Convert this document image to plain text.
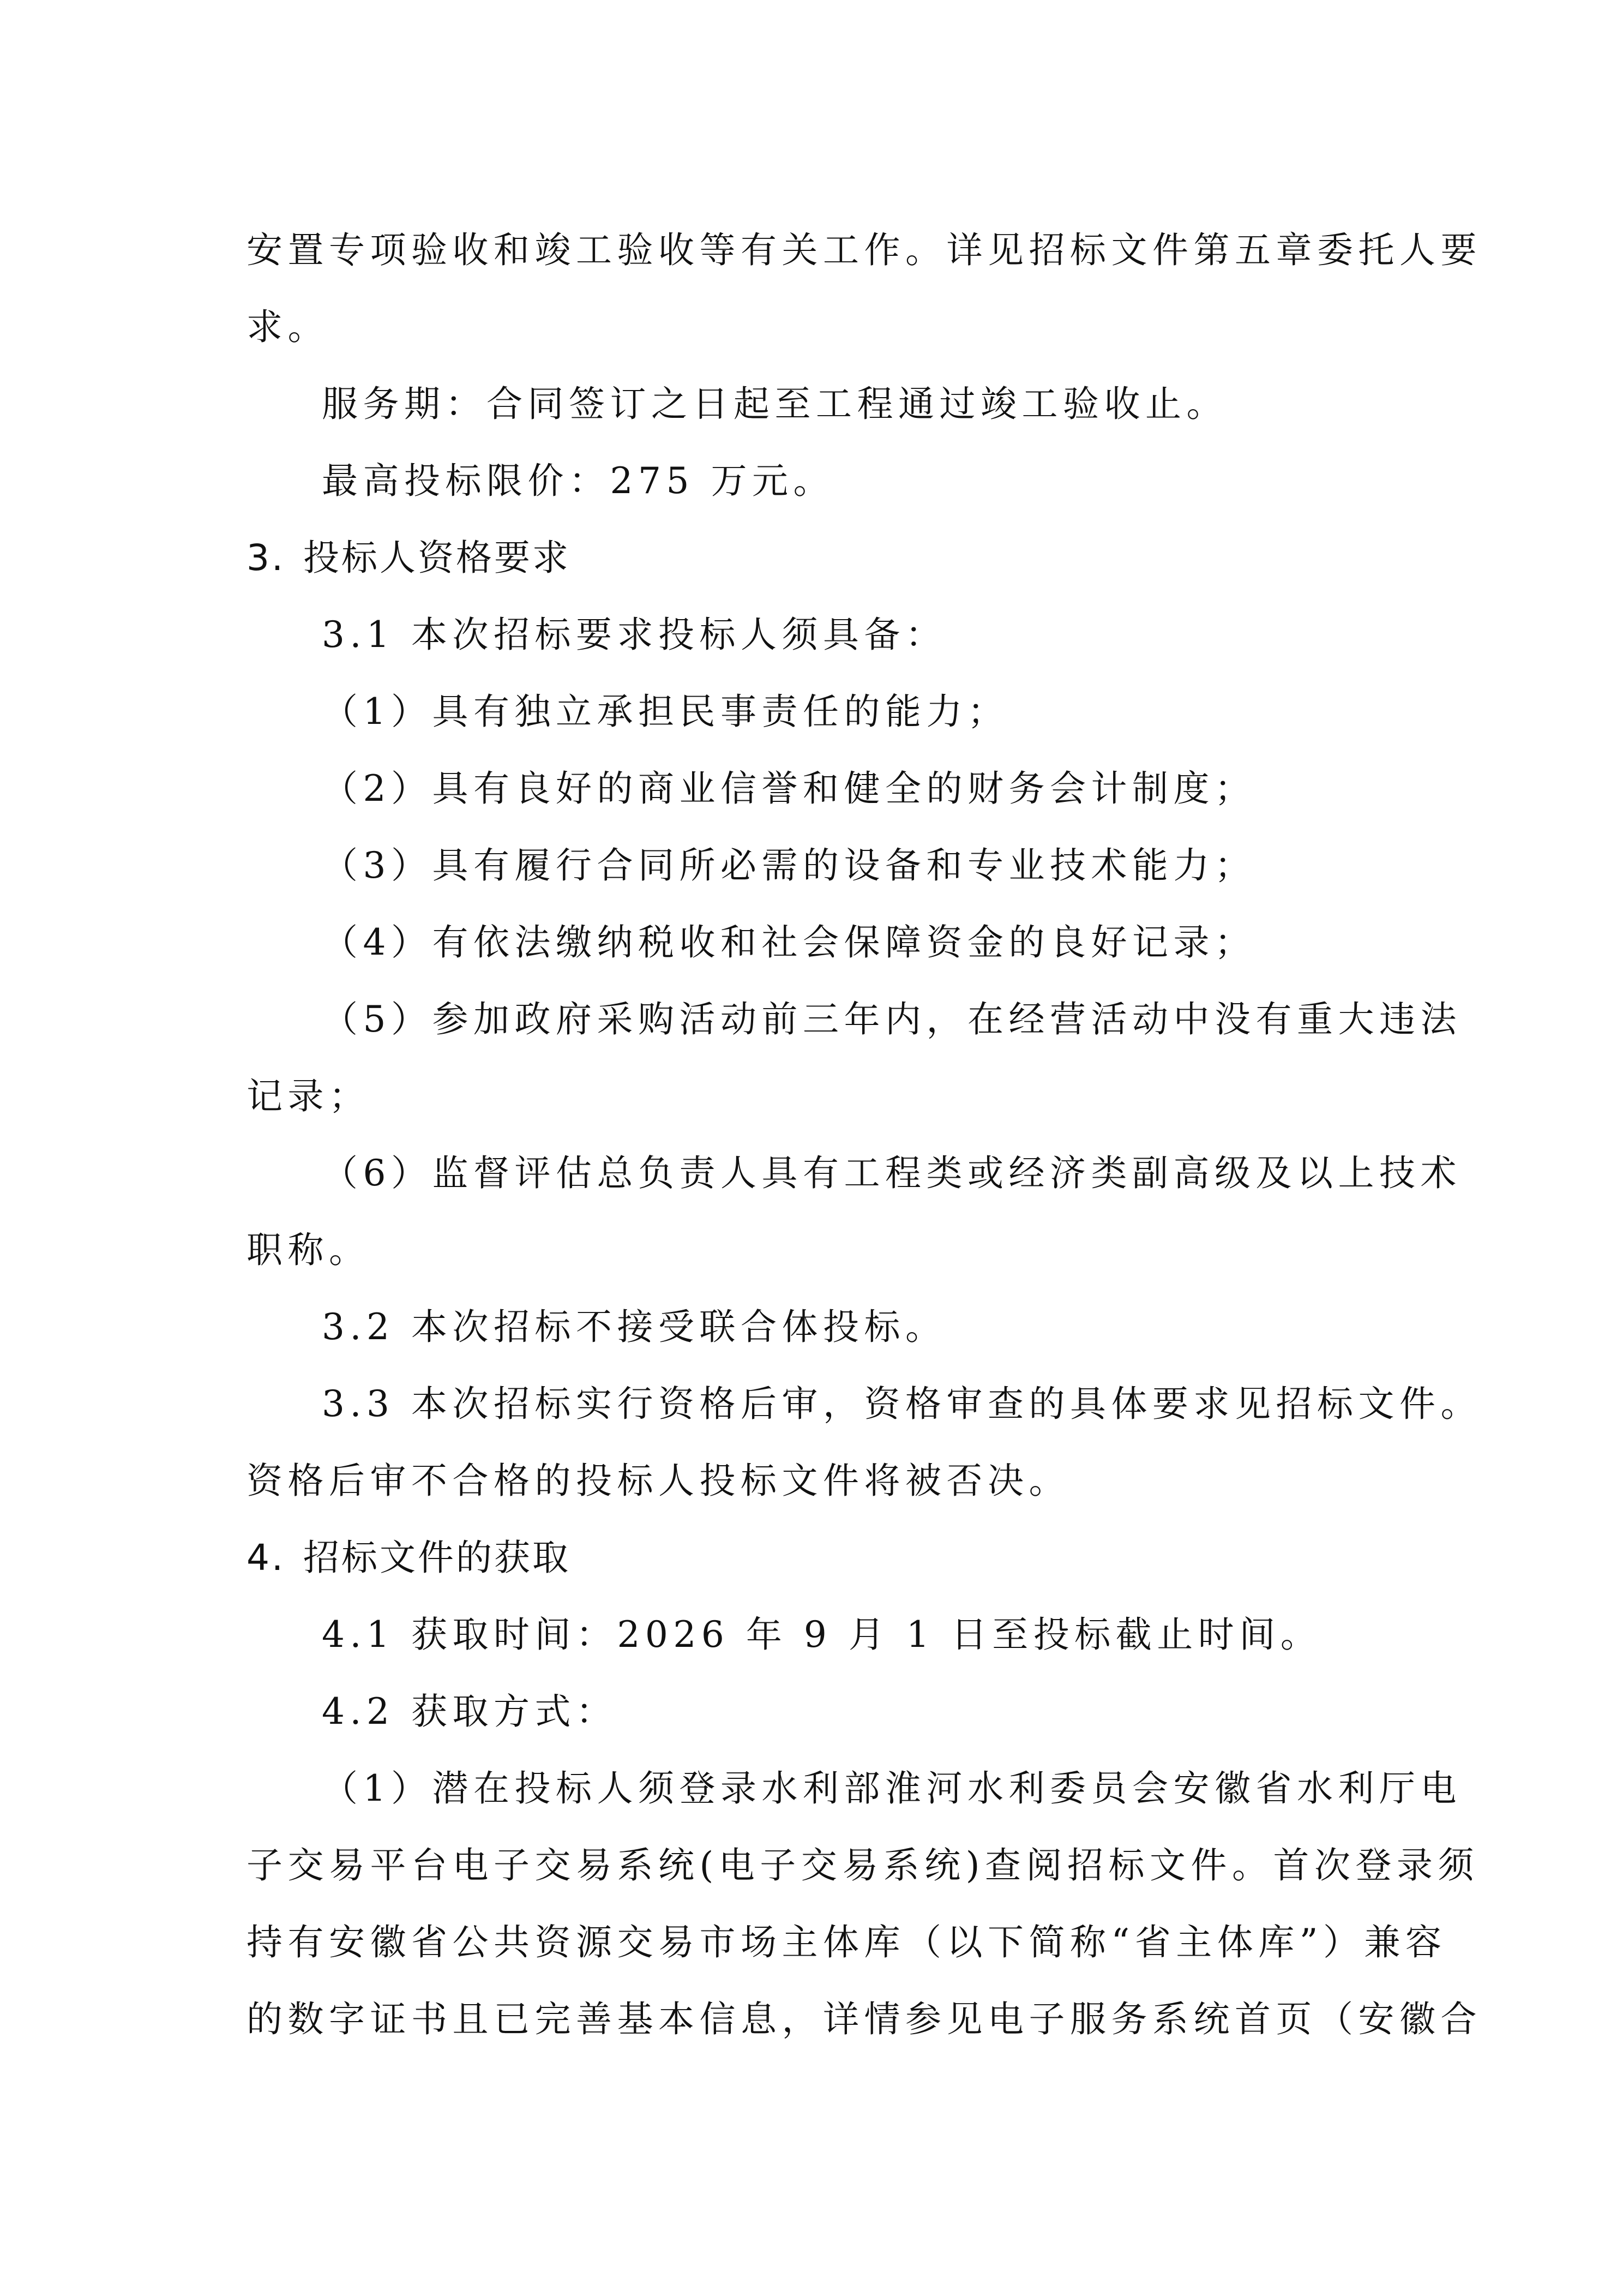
安置专项验收和竣工验收等有关工作。详见招标文件第五章委托人要

求。

服务期：合同签订之日起至工程通过竣工验收止。

最高投标限价：275 万元。

3. 投标人资格要求

3.1 本次招标要求投标人须具备：

（1）具有独立承担民事责任的能力；

（2）具有良好的商业信誉和健全的财务会计制度；

（3）具有履行合同所必需的设备和专业技术能力；

（4）有依法缴纳税收和社会保障资金的良好记录；

（5）参加政府采购活动前三年内，在经营活动中没有重大违法

记录；

（6）监督评估总负责人具有工程类或经济类副高级及以上技术

职称。

3.2 本次招标不接受联合体投标。

3.3 本次招标实行资格后审，资格审查的具体要求见招标文件。

资格后审不合格的投标人投标文件将被否决。

4. 招标文件的获取

4.1 获取时间：2026 年 9 月 1 日至投标截止时间。

4.2 获取方式：

（1）潜在投标人须登录水利部淮河水利委员会安徽省水利厅电

子交易平台电子交易系统(电子交易系统)查阅招标文件。首次登录须

持有安徽省公共资源交易市场主体库（以下简称“省主体库”）兼容

的数字证书且已完善基本信息，详情参见电子服务系统首页（安徽合
